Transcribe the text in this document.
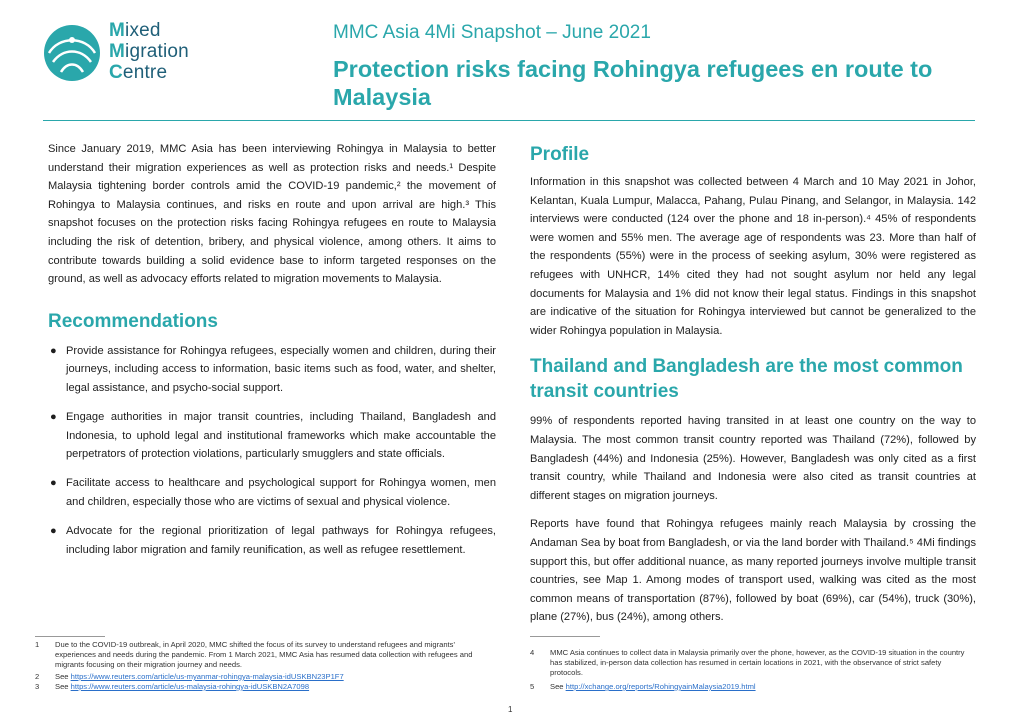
Mixed
Migration
Centre
MMC Asia 4Mi Snapshot – June 2021
Protection risks facing Rohingya refugees en route to Malaysia

Since January 2019, MMC Asia has been interviewing Rohingya in Malaysia to better understand their migration experiences as well as protection risks and needs.¹ Despite Malaysia tightening border controls amid the COVID-19 pandemic,² the movement of Rohingya to Malaysia continues, and risks en route and upon arrival are high.³ This snapshot focuses on the protection risks facing Rohingya refugees en route to Malaysia including the risk of detention, bribery, and physical violence, among others. It aims to contribute towards building a solid evidence base to inform targeted responses on the ground, as well as advocacy efforts related to migration movements to Malaysia.

Recommendations
● Provide assistance for Rohingya refugees, especially women and children, during their journeys, including access to information, basic items such as food, water, and shelter, legal assistance, and psycho-social support.
● Engage authorities in major transit countries, including Thailand, Bangladesh and Indonesia, to uphold legal and institutional frameworks which make accountable the perpetrators of protection violations, particularly smugglers and state officials.
● Facilitate access to healthcare and psychological support for Rohingya women, men and children, especially those who are victims of sexual and physical violence.
● Advocate for the regional prioritization of legal pathways for Rohingya refugees, including labor migration and family reunification, as well as refugee resettlement.
Profile

Information in this snapshot was collected between 4 March and 10 May 2021 in Johor, Kelantan, Kuala Lumpur, Malacca, Pahang, Pulau Pinang, and Selangor, in Malaysia. 142 interviews were conducted (124 over the phone and 18 in-person).⁴ 45% of respondents were women and 55% men. The average age of respondents was 23. More than half of the respondents (55%) were in the process of seeking asylum, 30% were registered as refugees with UNHCR, 14% cited they had not sought asylum nor held any legal documents for Malaysia and 1% did not know their legal status. Findings in this snapshot are indicative of the situation for Rohingya interviewed but cannot be generalized to the wider Rohingya population in Malaysia.

Thailand and Bangladesh are the most common transit countries

99% of respondents reported having transited in at least one country on the way to Malaysia. The most common transit country reported was Thailand (72%), followed by Bangladesh (44%) and Indonesia (25%). However, Bangladesh was only cited as a first transit country, while Thailand and Indonesia were also cited as transit countries at different stages on migration journeys.

Reports have found that Rohingya refugees mainly reach Malaysia by crossing the Andaman Sea by boat from Bangladesh, or via the land border with Thailand.⁵ 4Mi findings support this, but offer additional nuance, as many reported journeys involve multiple transit countries, see Map 1. Among modes of transport used, walking was cited as the most common means of transportation (87%), followed by boat (69%), car (54%), truck (30%), plane (27%), bus (24%), among others.

1	Due to the COVID-19 outbreak, in April 2020, MMC shifted the focus of its survey to understand refugees and migrants' experiences and needs during the pandemic. From 1 March 2021, MMC Asia has resumed data collection with refugees and migrants focusing on their migration journey and needs.
2	See https://www.reuters.com/article/us-myanmar-rohingya-malaysia-idUSKBN23P1F7
3	See https://www.reuters.com/article/us-malaysia-rohingya-idUSKBN2A7098
4	MMC Asia continues to collect data in Malaysia primarily over the phone, however, as the COVID-19 situation in the country has stabilized, in-person data collection has resumed in certain locations in 2021, with the observance of strict safety protocols.
5	See http://xchange.org/reports/RohingyainMalaysia2019.html
1
